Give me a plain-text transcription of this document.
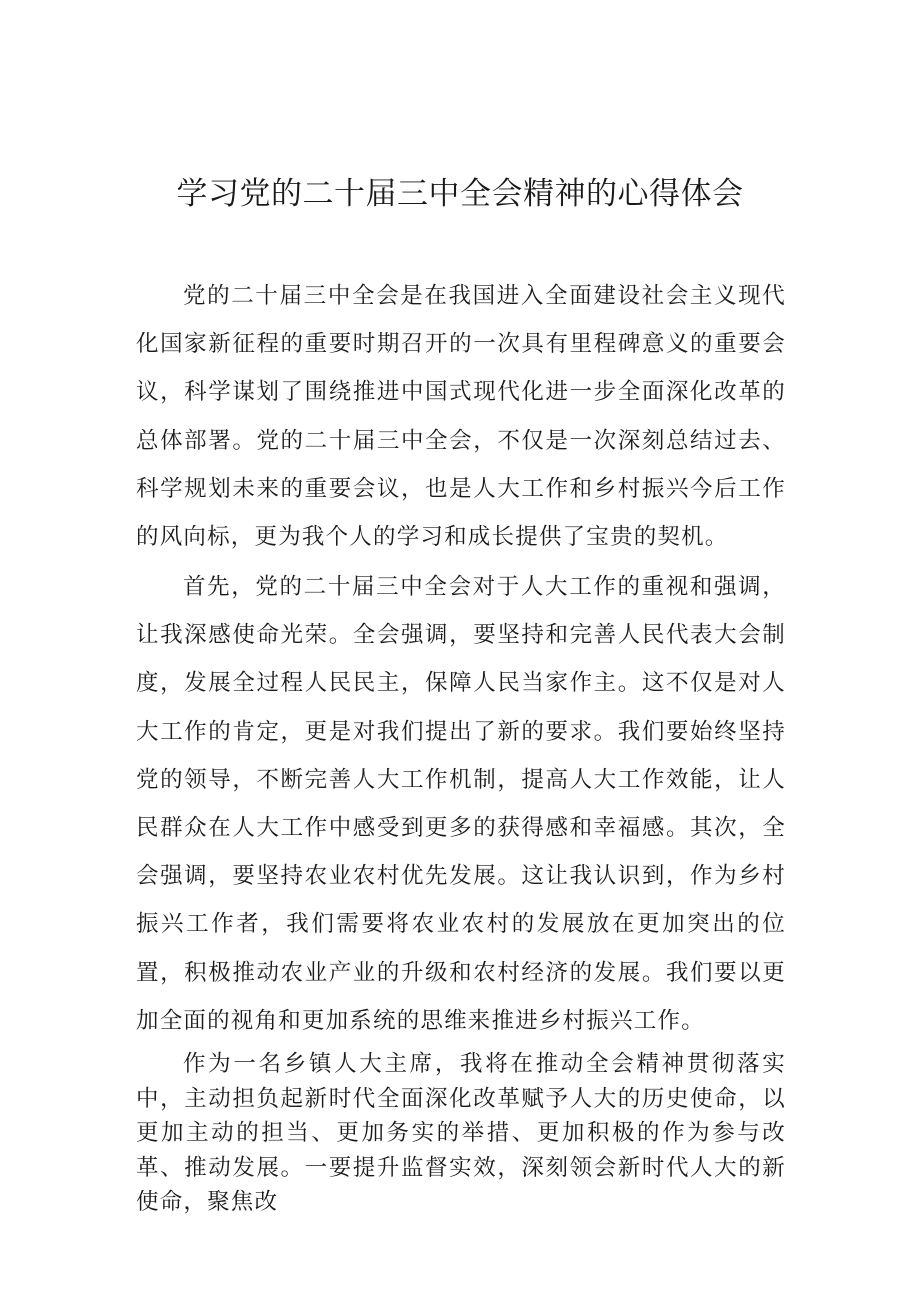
学习党的二十届三中全会精神的心得体会

党的二十届三中全会是在我国进入全面建设社会主义现代化国家新征程的重要时期召开的一次具有里程碑意义的重要会议，科学谋划了围绕推进中国式现代化进一步全面深化改革的总体部署。党的二十届三中全会，不仅是一次深刻总结过去、科学规划未来的重要会议，也是人大工作和乡村振兴今后工作的风向标，更为我个人的学习和成长提供了宝贵的契机。

首先，党的二十届三中全会对于人大工作的重视和强调，让我深感使命光荣。全会强调，要坚持和完善人民代表大会制度，发展全过程人民民主，保障人民当家作主。这不仅是对人大工作的肯定，更是对我们提出了新的要求。我们要始终坚持党的领导，不断完善人大工作机制，提高人大工作效能，让人民群众在人大工作中感受到更多的获得感和幸福感。其次，全会强调，要坚持农业农村优先发展。这让我认识到，作为乡村振兴工作者，我们需要将农业农村的发展放在更加突出的位置，积极推动农业产业的升级和农村经济的发展。我们要以更加全面的视角和更加系统的思维来推进乡村振兴工作。

作为一名乡镇人大主席，我将在推动全会精神贯彻落实中，主动担负起新时代全面深化改革赋予人大的历史使命，以更加主动的担当、更加务实的举措、更加积极的作为参与改革、推动发展。一要提升监督实效，深刻领会新时代人大的新使命，聚焦改
